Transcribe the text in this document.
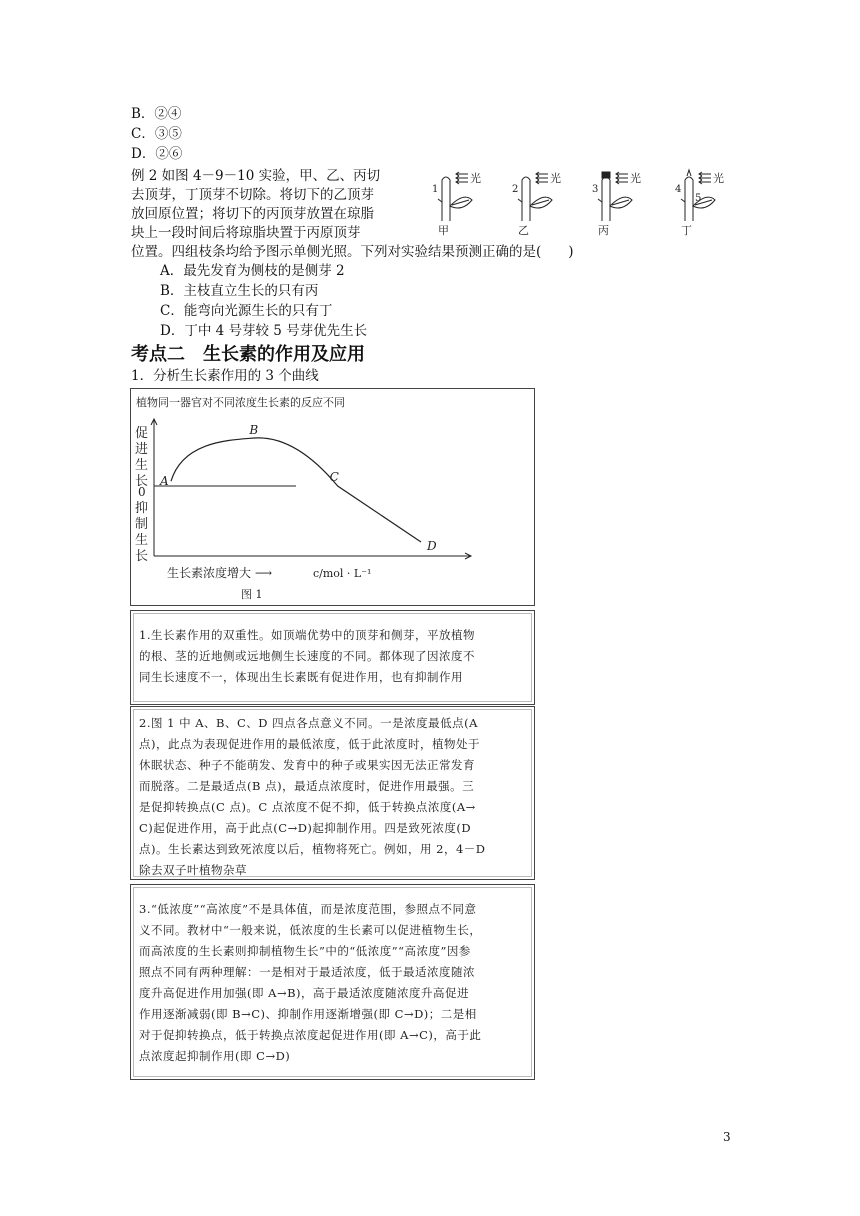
B．②④
C．③⑤
D．②⑥
例 2 如图 4－9－10 实验，甲、乙、丙切
去顶芽，丁顶芽不切除。将切下的乙顶芽
放回原位置；将切下的丙顶芽放置在琼脂
块上一段时间后将琼脂块置于丙原顶芽
位置。四组枝条均给予图示单侧光照。下列对实验结果预测正确的是(　　)
1
光
甲
2
光
乙
3
光
丙
4
5
光
丁
A．最先发育为侧枝的是侧芽 2
B．主枝直立生长的只有丙
C．能弯向光源生长的只有丁
D．丁中 4 号芽较 5 号芽优先生长
考点二　生长素的作用及应用
1．分析生长素作用的 3 个曲线
植物同一器官对不同浓度生长素的反应不同
促
进
生
长
0
抑
制
生
长
A
B
C
D
生长素浓度增大 ⟶	c/mol · L⁻¹
图 1
1.生长素作用的双重性。如顶端优势中的顶芽和侧芽，平放植物
的根、茎的近地侧或远地侧生长速度的不同。都体现了因浓度不
同生长速度不一，体现出生长素既有促进作用，也有抑制作用
2.图 1 中 A、B、C、D 四点各点意义不同。一是浓度最低点(A
点)，此点为表现促进作用的最低浓度，低于此浓度时，植物处于
休眠状态、种子不能萌发、发育中的种子或果实因无法正常发育
而脱落。二是最适点(B 点)，最适点浓度时，促进作用最强。三
是促抑转换点(C 点)。C 点浓度不促不抑，低于转换点浓度(A→
C)起促进作用，高于此点(C→D)起抑制作用。四是致死浓度(D
点)。生长素达到致死浓度以后，植物将死亡。例如，用 2，4－D
除去双子叶植物杂草
3.“低浓度”“高浓度”不是具体值，而是浓度范围，参照点不同意
义不同。教材中“一般来说，低浓度的生长素可以促进植物生长，
而高浓度的生长素则抑制植物生长”中的“低浓度”“高浓度”因参
照点不同有两种理解：一是相对于最适浓度，低于最适浓度随浓
度升高促进作用加强(即 A→B)，高于最适浓度随浓度升高促进
作用逐渐减弱(即 B→C)、抑制作用逐渐增强(即 C→D)；二是相
对于促抑转换点，低于转换点浓度起促进作用(即 A→C)，高于此
点浓度起抑制作用(即 C→D)
3
